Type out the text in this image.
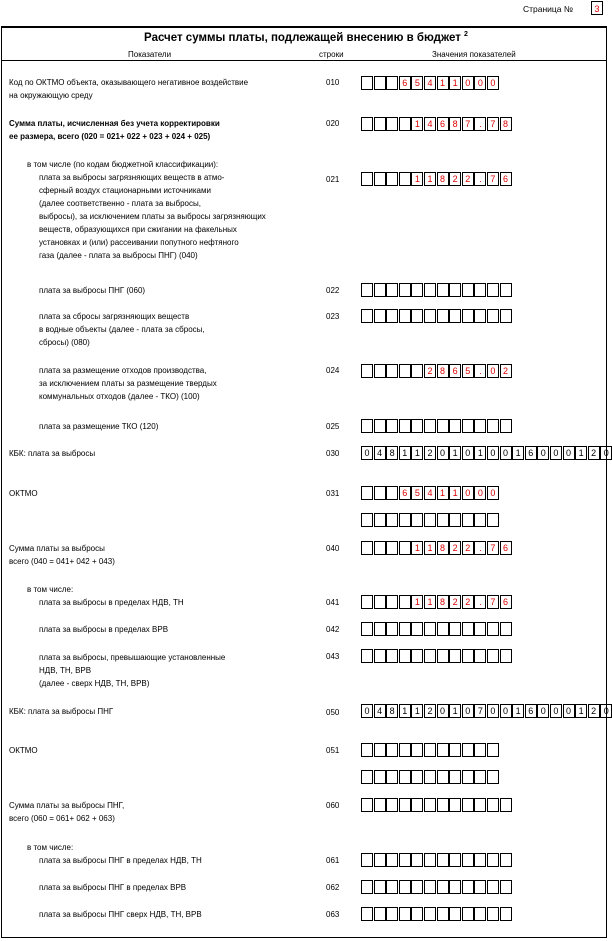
Страница №	3
Расчет суммы платы, подлежащей внесению в бюджет $^2$
Показатели	строки	Значения показателей
Код по ОКТМО объекта, оказывающего негативное воздействие
на окружающую среду
010	6 5 4 1 1 0 0 0
Сумма платы, исчисленная без учета корректировки
ее размера, всего (020 = 021+ 022 + 023 + 024 + 025)
020	1 4 6 8 7 . 7 8
в том числе (по кодам бюджетной классификации):
плата за выбросы загрязняющих веществ в атмо-
сферный воздух стационарными источниками
(далее соответственно - плата за выбросы,
выбросы), за исключением платы за выбросы загрязняющих
веществ, образующихся при сжигании на факельных
установках и (или) рассеивании попутного нефтяного
газа (далее - плата за выбросы ПНГ) (040)
021	1 1 8 2 2 . 7 6
плата за выбросы ПНГ (060)	022
плата за сбросы загрязняющих веществ
в водные объекты (далее - плата за сбросы,
сбросы) (080)
023
плата за размещение отходов производства,
за исключением платы за размещение твердых
коммунальных отходов (далее - ТКО) (100)
024	2 8 6 5 . 0 2
плата за размещение ТКО (120)	025
КБК: плата за выбросы	030	0 4 8 1 1 2 0 1 0 1 0 0 1 6 0 0 0 1 2 0
ОКТМО	031	6 5 4 1 1 0 0 0
Сумма платы за выбросы
всего (040 = 041+ 042 + 043)
040	1 1 8 2 2 . 7 6
в том числе:
плата за выбросы в пределах НДВ, ТН	041	1 1 8 2 2 . 7 6
плата за выбросы в пределах ВРВ	042
плата за выбросы, превышающие установленные
НДВ, ТН, ВРВ
(далее - сверх НДВ, ТН, ВРВ)
043
КБК: плата за выбросы ПНГ	050	0 4 8 1 1 2 0 1 0 7 0 0 1 6 0 0 0 1 2 0
ОКТМО	051
Сумма платы за выбросы ПНГ,
всего (060 = 061+ 062 + 063)
060
в том числе:
плата за выбросы ПНГ в пределах НДВ, ТН	061
плата за выбросы ПНГ в пределах ВРВ	062
плата за выбросы ПНГ сверх НДВ, ТН, ВРВ	063
